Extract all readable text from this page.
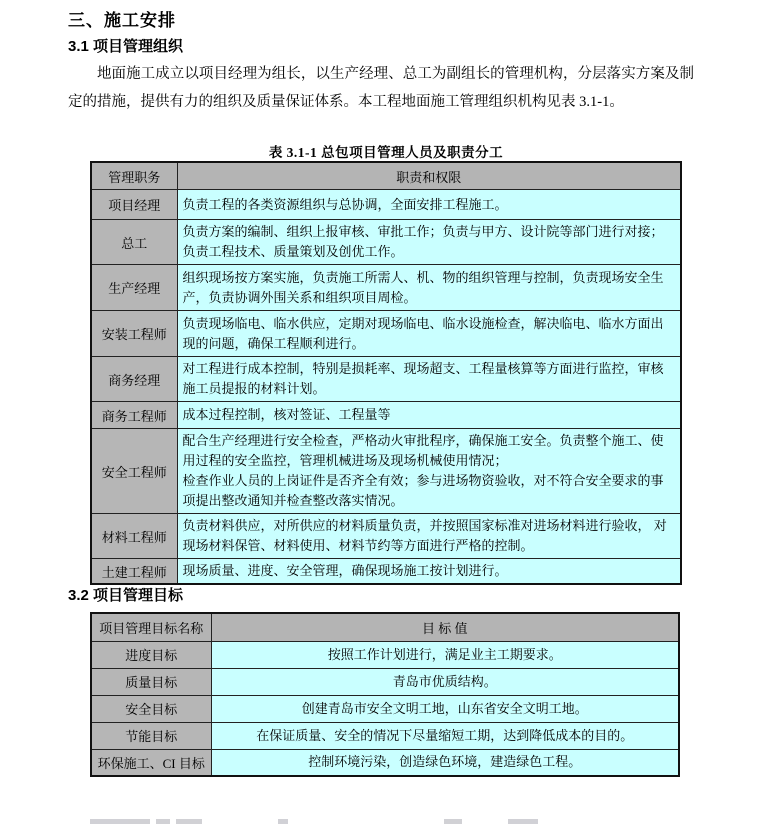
三、施工安排
3.1 项目管理组织

地面施工成立以项目经理为组长，以生产经理、总工为副组长的管理机构，分层落实方案及制定的措施，提供有力的组织及质量保证体系。本工程地面施工管理组织机构见表 3.1-1。

表 3.1-1 总包项目管理人员及职责分工
管理职务	职责和权限
项目经理	负责工程的各类资源组织与总协调，全面安排工程施工。
总工	负责方案的编制、组织上报审核、审批工作；负责与甲方、设计院等部门进行对接；负责工程技术、质量策划及创优工作。
生产经理	组织现场按方案实施，负责施工所需人、机、物的组织管理与控制，负责现场安全生产，负责协调外围关系和组织项目周检。
安装工程师	负责现场临电、临水供应，定期对现场临电、临水设施检查，解决临电、临水方面出现的问题，确保工程顺利进行。
商务经理	对工程进行成本控制，特别是损耗率、现场超支、工程量核算等方面进行监控，审核施工员提报的材料计划。
商务工程师	成本过程控制，核对签证、工程量等
安全工程师	配合生产经理进行安全检查，严格动火审批程序，确保施工安全。负责整个施工、使用过程的安全监控，管理机械进场及现场机械使用情况；
检查作业人员的上岗证件是否齐全有效；参与进场物资验收，对不符合安全要求的事项提出整改通知并检查整改落实情况。
材料工程师	负责材料供应，对所供应的材料质量负责，并按照国家标准对进场材料进行验收， 对现场材料保管、材料使用、材料节约等方面进行严格的控制。
土建工程师	现场质量、进度、安全管理，确保现场施工按计划进行。
3.2 项目管理目标
项目管理目标名称	目 标 值
进度目标	按照工作计划进行，满足业主工期要求。
质量目标	青岛市优质结构。
安全目标	创建青岛市安全文明工地，山东省安全文明工地。
节能目标	在保证质量、安全的情况下尽量缩短工期，达到降低成本的目的。
环保施工、CI 目标	控制环境污染，创造绿色环境，建造绿色工程。
